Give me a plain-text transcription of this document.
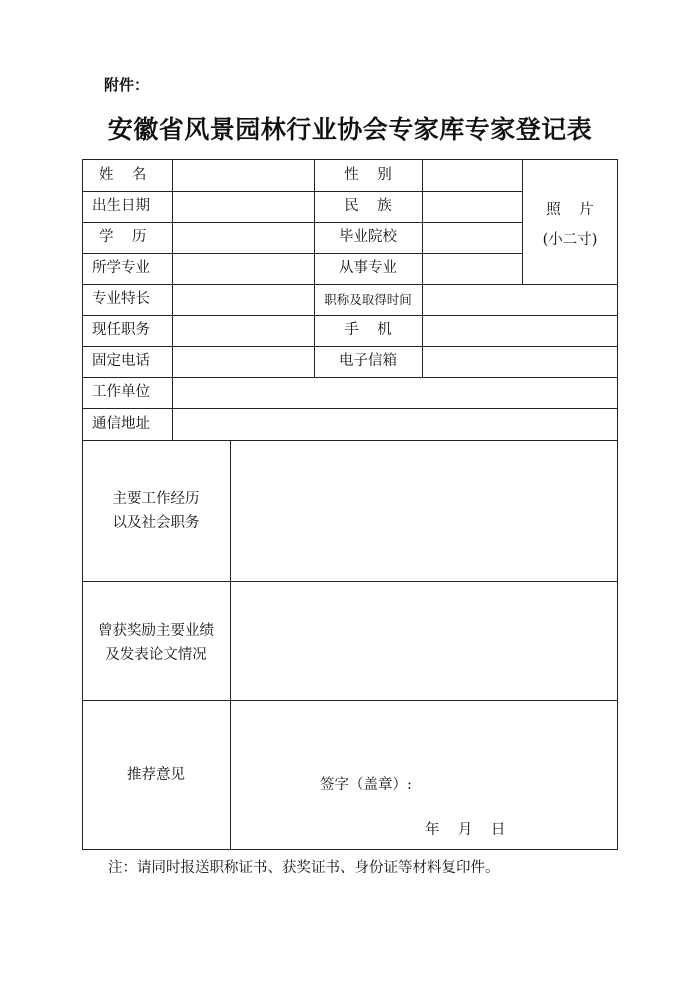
附件：
安徽省风景园林行业协会专家库专家登记表
姓    名
出生日期
学    历
所学专业
专业特长
现任职务
固定电话
工作单位
通信地址
性    别
民    族
毕业院校
从事专业
职称及取得时间
手    机
电子信箱
照    片
(小二寸)
主要工作经历
以及社会职务
曾获奖励主要业绩
及发表论文情况
推荐意见
签字（盖章）:
年    月    日
注：请同时报送职称证书、获奖证书、身份证等材料复印件。
